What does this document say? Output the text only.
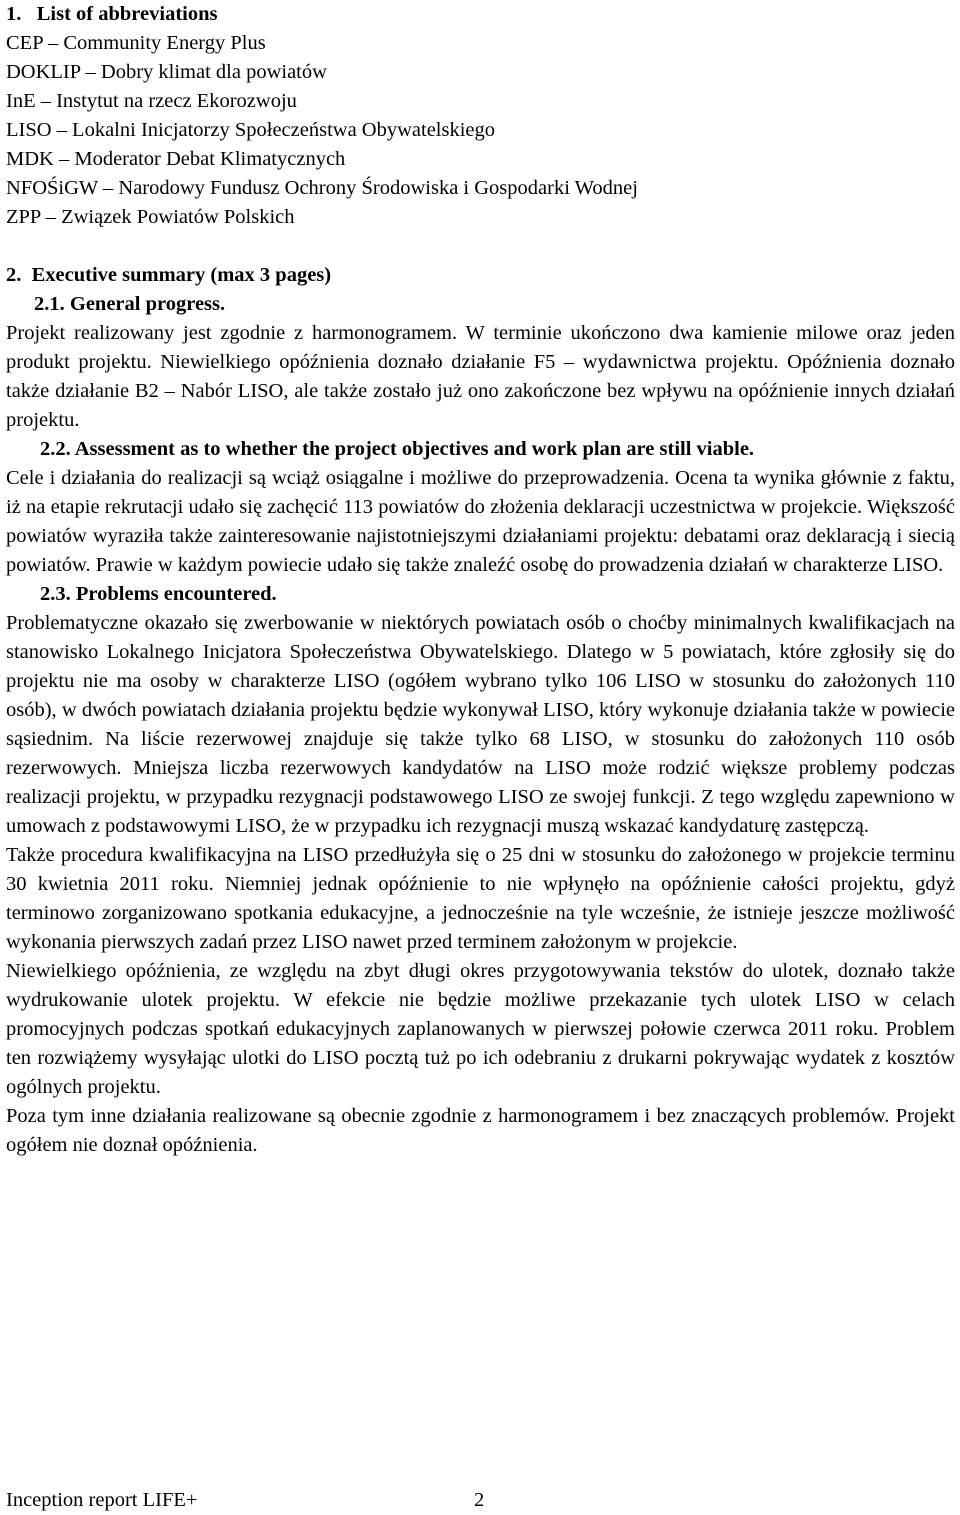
1.   List of abbreviations
CEP – Community Energy Plus
DOKLIP – Dobry klimat dla powiatów
InE – Instytut na rzecz Ekorozwoju
LISO – Lokalni Inicjatorzy Społeczeństwa Obywatelskiego
MDK – Moderator Debat Klimatycznych
NFOŚiGW – Narodowy Fundusz Ochrony Środowiska i Gospodarki Wodnej
ZPP – Związek Powiatów Polskich
2.  Executive summary (max 3 pages)
2.1. General progress.

Projekt realizowany jest zgodnie z harmonogramem. W terminie ukończono dwa kamienie milowe oraz jeden produkt projektu. Niewielkiego opóźnienia doznało działanie F5 – wydawnictwa projektu. Opóźnienia doznało także działanie B2 – Nabór LISO, ale także zostało już ono zakończone bez wpływu na opóźnienie innych działań projektu.

2.2. Assessment as to whether the project objectives and work plan are still viable.

Cele i działania do realizacji są wciąż osiągalne i możliwe do przeprowadzenia. Ocena ta wynika głównie z faktu, iż na etapie rekrutacji udało się zachęcić 113 powiatów do złożenia deklaracji uczestnictwa w projekcie. Większość powiatów wyraziła także zainteresowanie najistotniejszymi działaniami projektu: debatami oraz deklaracją i siecią powiatów. Prawie w każdym powiecie udało się także znaleźć osobę do prowadzenia działań w charakterze LISO.

2.3. Problems encountered.

Problematyczne okazało się zwerbowanie w niektórych powiatach osób o choćby minimalnych kwalifikacjach na stanowisko Lokalnego Inicjatora Społeczeństwa Obywatelskiego. Dlatego w 5 powiatach, które zgłosiły się do projektu nie ma osoby w charakterze LISO (ogółem wybrano tylko 106 LISO w stosunku do założonych 110 osób), w dwóch powiatach działania projektu będzie wykonywał LISO, który wykonuje działania także w powiecie sąsiednim. Na liście rezerwowej znajduje się także tylko 68 LISO, w stosunku do założonych 110 osób rezerwowych. Mniejsza liczba rezerwowych kandydatów na LISO może rodzić większe problemy podczas realizacji projektu, w przypadku rezygnacji podstawowego LISO ze swojej funkcji. Z tego względu zapewniono w umowach z podstawowymi LISO, że w przypadku ich rezygnacji muszą wskazać kandydaturę zastępczą.

Także procedura kwalifikacyjna na LISO przedłużyła się o 25 dni w stosunku do założonego w projekcie terminu 30 kwietnia 2011 roku. Niemniej jednak opóźnienie to nie wpłynęło na opóźnienie całości projektu, gdyż terminowo zorganizowano spotkania edukacyjne, a jednocześnie na tyle wcześnie, że istnieje jeszcze możliwość wykonania pierwszych zadań przez LISO nawet przed terminem założonym w projekcie.

Niewielkiego opóźnienia, ze względu na zbyt długi okres przygotowywania tekstów do ulotek, doznało także wydrukowanie ulotek projektu. W efekcie nie będzie możliwe przekazanie tych ulotek LISO w celach promocyjnych podczas spotkań edukacyjnych zaplanowanych w pierwszej połowie czerwca 2011 roku. Problem ten rozwiążemy wysyłając ulotki do LISO pocztą tuż po ich odebraniu z drukarni pokrywając wydatek z kosztów ogólnych projektu.

Poza tym inne działania realizowane są obecnie zgodnie z harmonogramem i bez znaczących problemów. Projekt ogółem nie doznał opóźnienia.

Inception report LIFE+	2
